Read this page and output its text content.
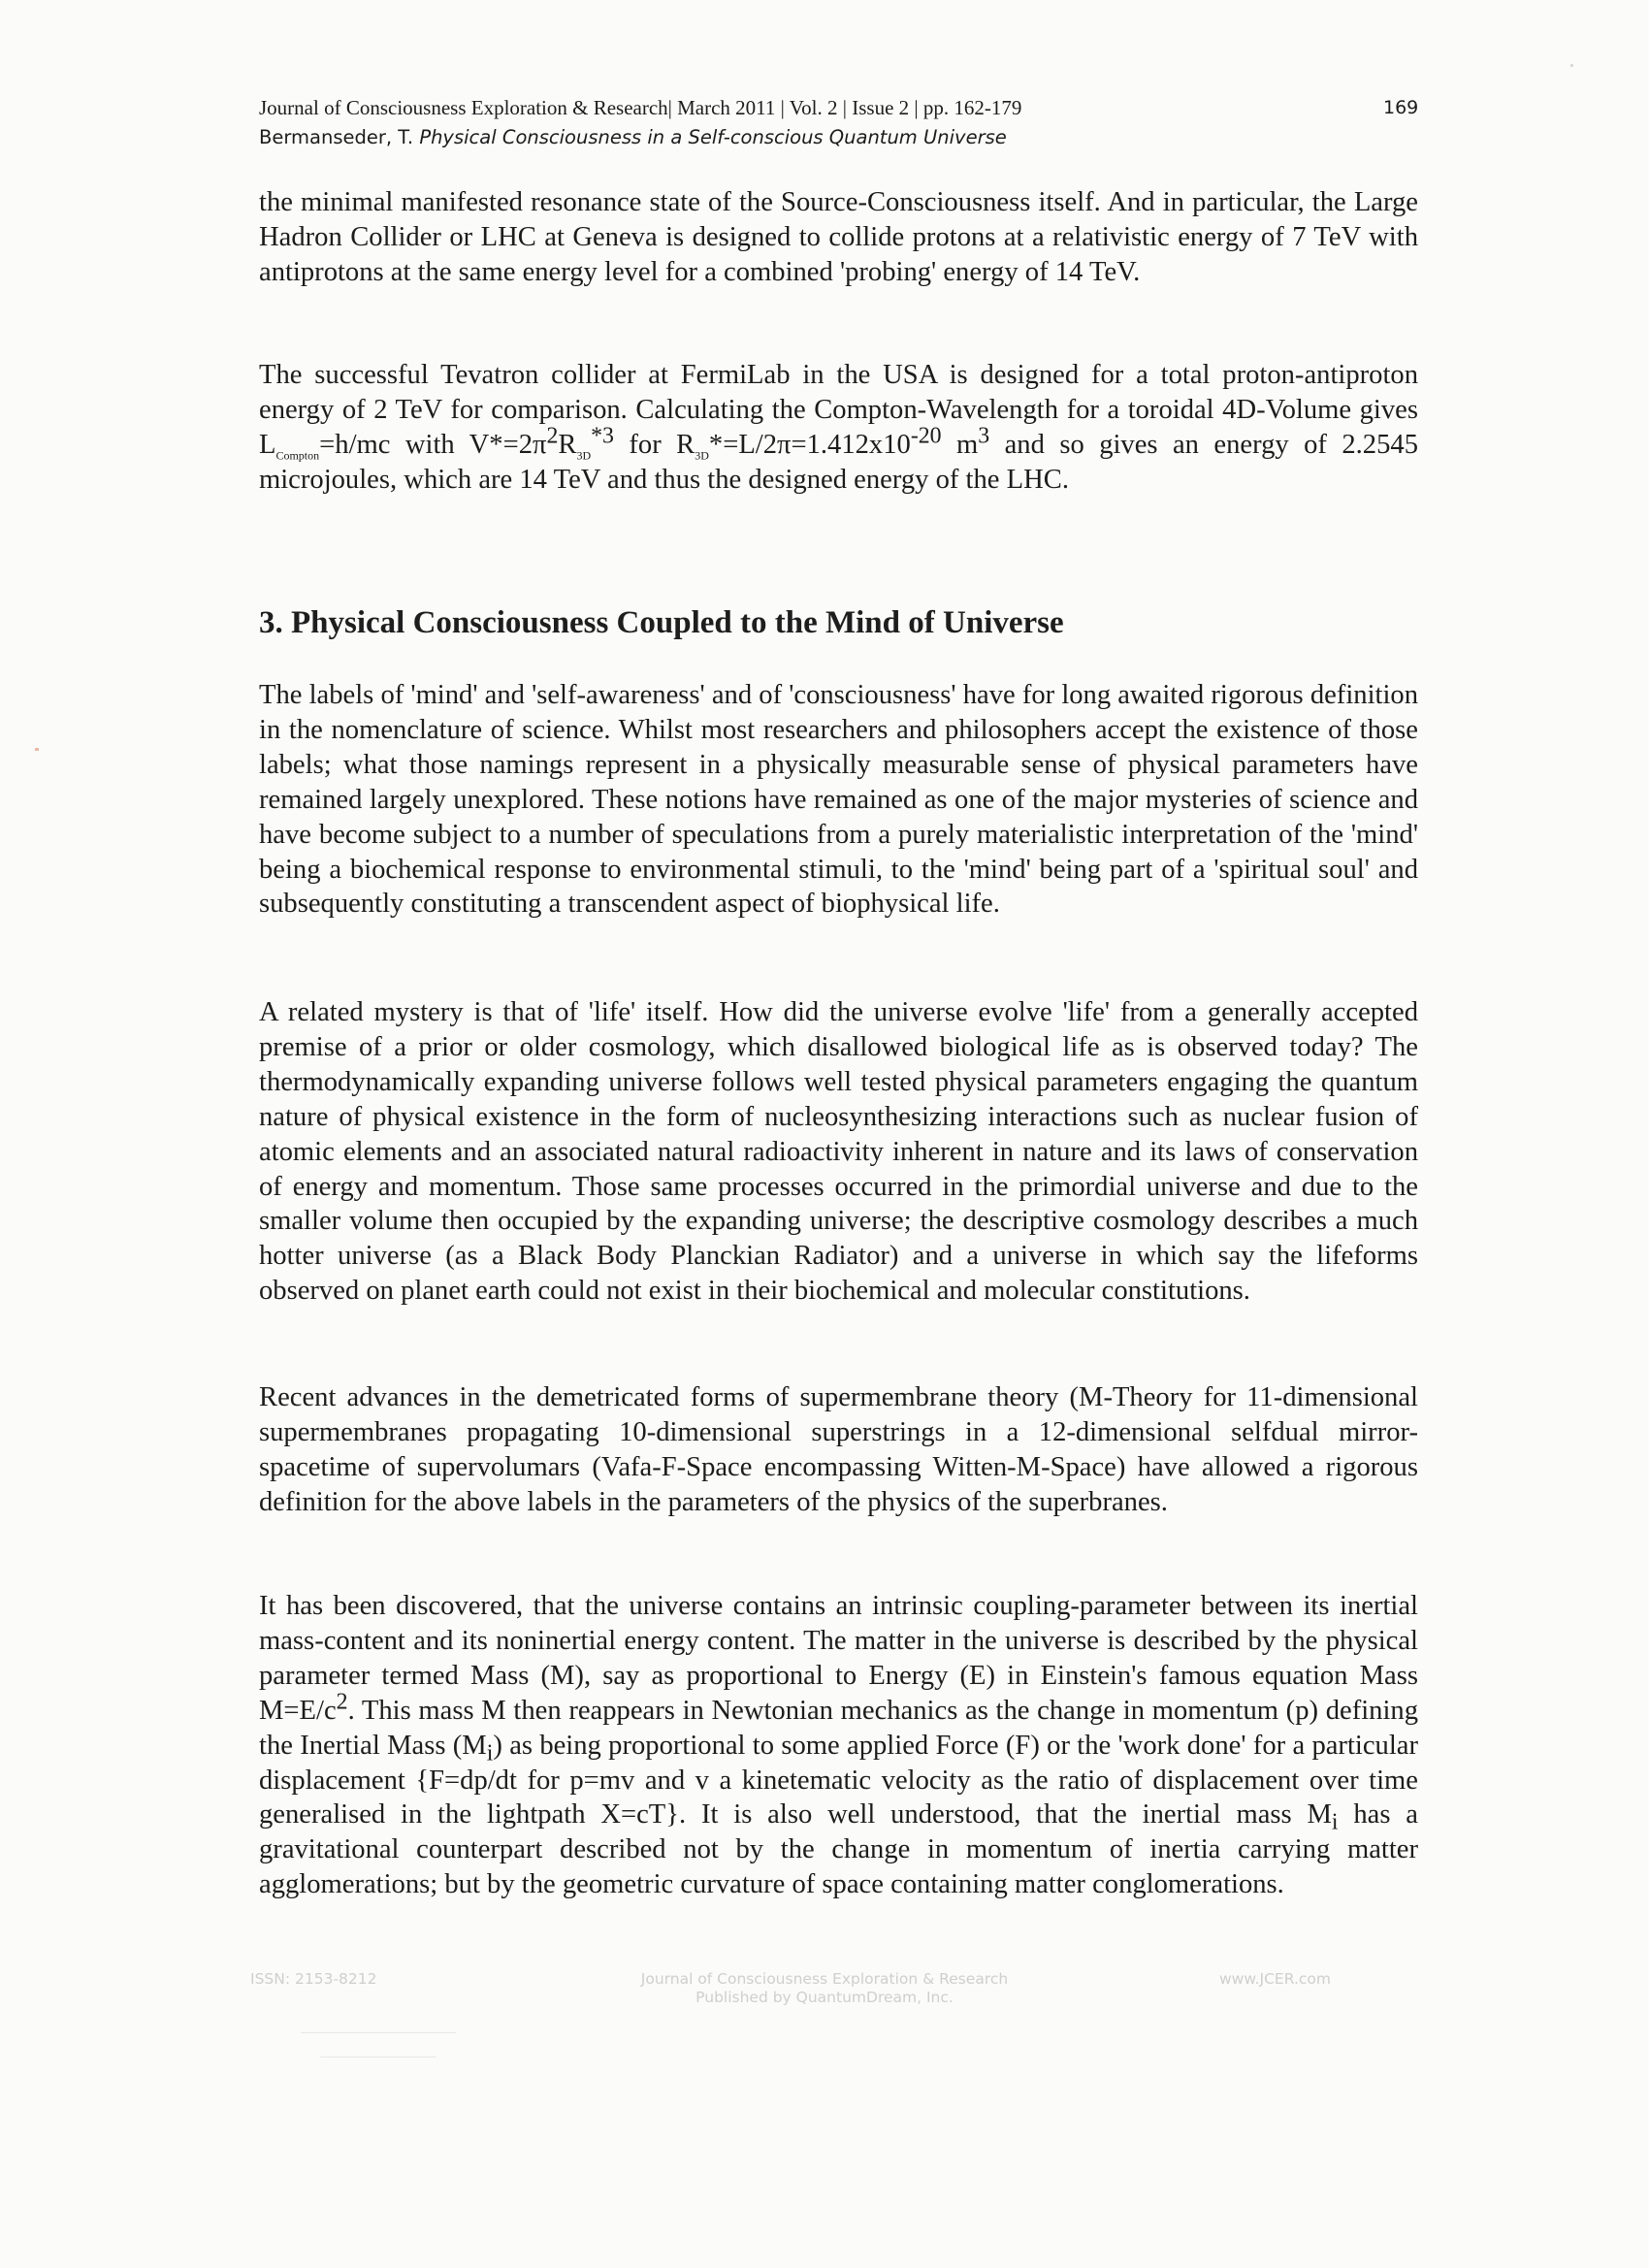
Journal of Consciousness Exploration & Research| March 2011 | Vol. 2 | Issue 2 | pp. 162-179
Bermanseder, T. Physical Consciousness in a Self-conscious Quantum Universe
169

the minimal manifested resonance state of the Source-Consciousness itself. And in particular, the Large Hadron Collider or LHC at Geneva is designed to collide protons at a relativistic energy of 7 TeV with antiprotons at the same energy level for a combined 'probing' energy of 14 TeV.

The successful Tevatron collider at FermiLab in the USA is designed for a total proton-antiproton energy of 2 TeV for comparison. Calculating the Compton-Wavelength for a toroidal 4D-Volume gives $L_{Compton}=h/mc$ with $V*=2\pi^2R_{3D}^{*3}$ for $R_{3D}*=L/2\pi=1.412x10^{-20}$ $m^3$ and so gives an energy of 2.2545 microjoules, which are 14 TeV and thus the designed energy of the LHC.

3. Physical Consciousness Coupled to the Mind of Universe

The labels of 'mind' and 'self-awareness' and of 'consciousness' have for long awaited rigorous definition in the nomenclature of science. Whilst most researchers and philosophers accept the existence of those labels; what those namings represent in a physically measurable sense of physical parameters have remained largely unexplored. These notions have remained as one of the major mysteries of science and have become subject to a number of speculations from a purely materialistic interpretation of the 'mind' being a biochemical response to environmental stimuli, to the 'mind' being part of a 'spiritual soul' and subsequently constituting a transcendent aspect of biophysical life.

A related mystery is that of 'life' itself. How did the universe evolve 'life' from a generally accepted premise of a prior or older cosmology, which disallowed biological life as is observed today? The thermodynamically expanding universe follows well tested physical parameters engaging the quantum nature of physical existence in the form of nucleosynthesizing interactions such as nuclear fusion of atomic elements and an associated natural radioactivity inherent in nature and its laws of conservation of energy and momentum. Those same processes occurred in the primordial universe and due to the smaller volume then occupied by the expanding universe; the descriptive cosmology describes a much hotter universe (as a Black Body Planckian Radiator) and a universe in which say the lifeforms observed on planet earth could not exist in their biochemical and molecular constitutions.

Recent advances in the demetricated forms of supermembrane theory (M-Theory for 11-dimensional supermembranes propagating 10-dimensional superstrings in a 12-dimensional selfdual mirror-spacetime of supervolumars (Vafa-F-Space encompassing Witten-M-Space) have allowed a rigorous definition for the above labels in the parameters of the physics of the superbranes.

It has been discovered, that the universe contains an intrinsic coupling-parameter between its inertial mass-content and its noninertial energy content. The matter in the universe is described by the physical parameter termed Mass (M), say as proportional to Energy (E) in Einstein's famous equation Mass $M=E/c^2$. This mass M then reappears in Newtonian mechanics as the change in momentum (p) defining the Inertial Mass $(M_i)$ as being proportional to some applied Force (F) or the 'work done' for a particular displacement {F=dp/dt for p=mv and v a kinetematic velocity as the ratio of displacement over time generalised in the lightpath X=cT}. It is also well understood, that the inertial mass $M_i$ has a gravitational counterpart described not by the change in momentum of inertia carrying matter agglomerations; but by the geometric curvature of space containing matter conglomerations.

ISSN: 2153-8212	Journal of Consciousness Exploration & Research
Published by QuantumDream, Inc.
www.JCER.com
